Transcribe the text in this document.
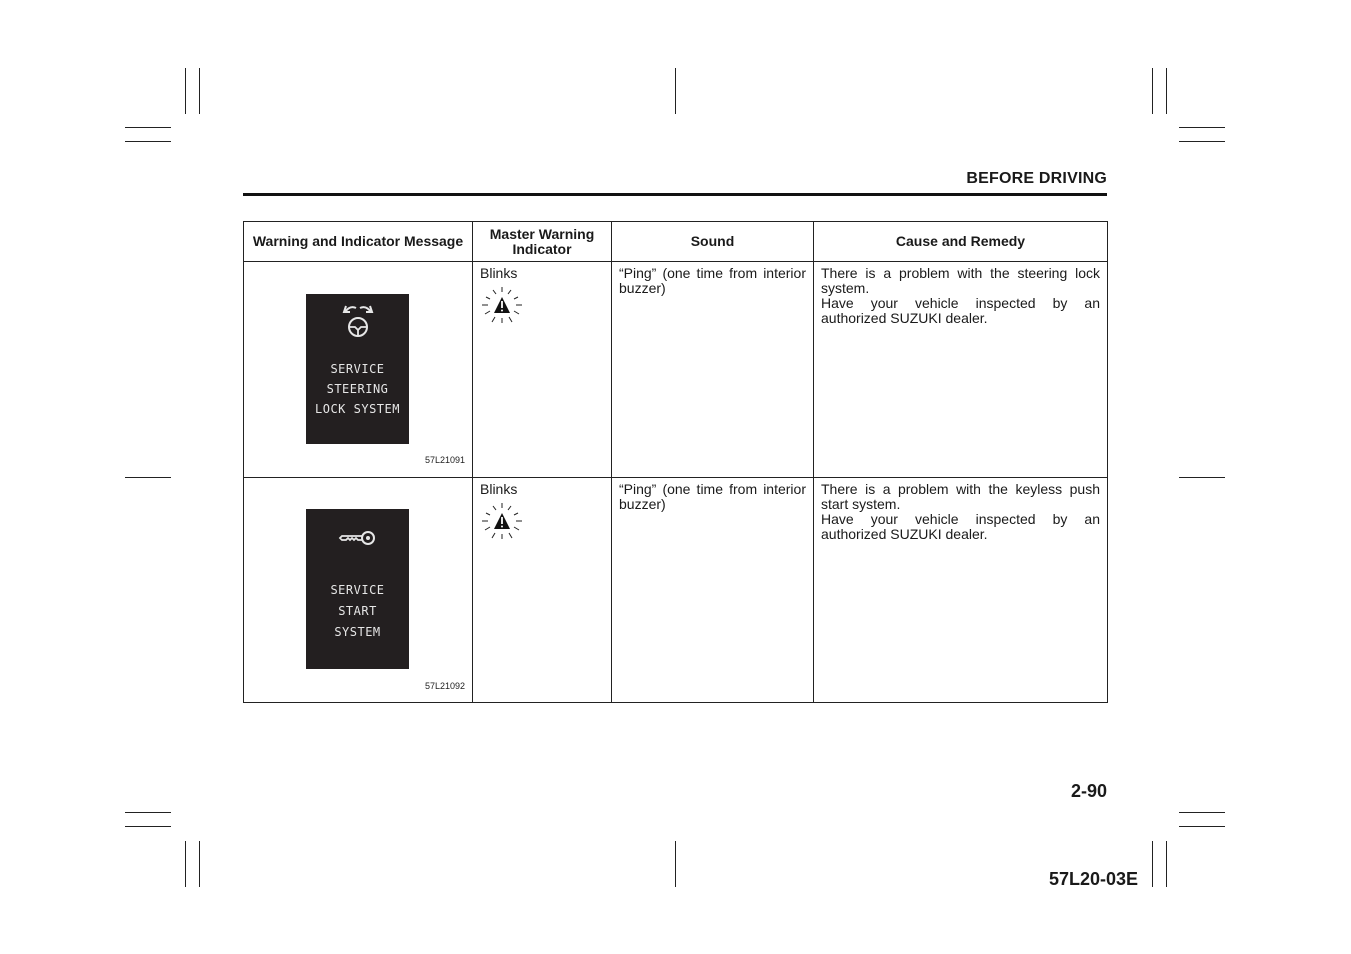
BEFORE DRIVING
Warning and Indicator Message	Master Warning Indicator	Sound	Cause and Remedy

SERVICE
STEERING
LOCK SYSTEM
57L21091	Blinks	“Ping” (one time from interior buzzer)	There is a problem with the steering lock system.
Have your vehicle inspected by an authorized SUZUKI dealer.

SERVICE
START
SYSTEM
57L21092	Blinks	“Ping” (one time from interior buzzer)	There is a problem with the keyless push start system.
Have your vehicle inspected by an authorized SUZUKI dealer.
2-90
57L20-03E
